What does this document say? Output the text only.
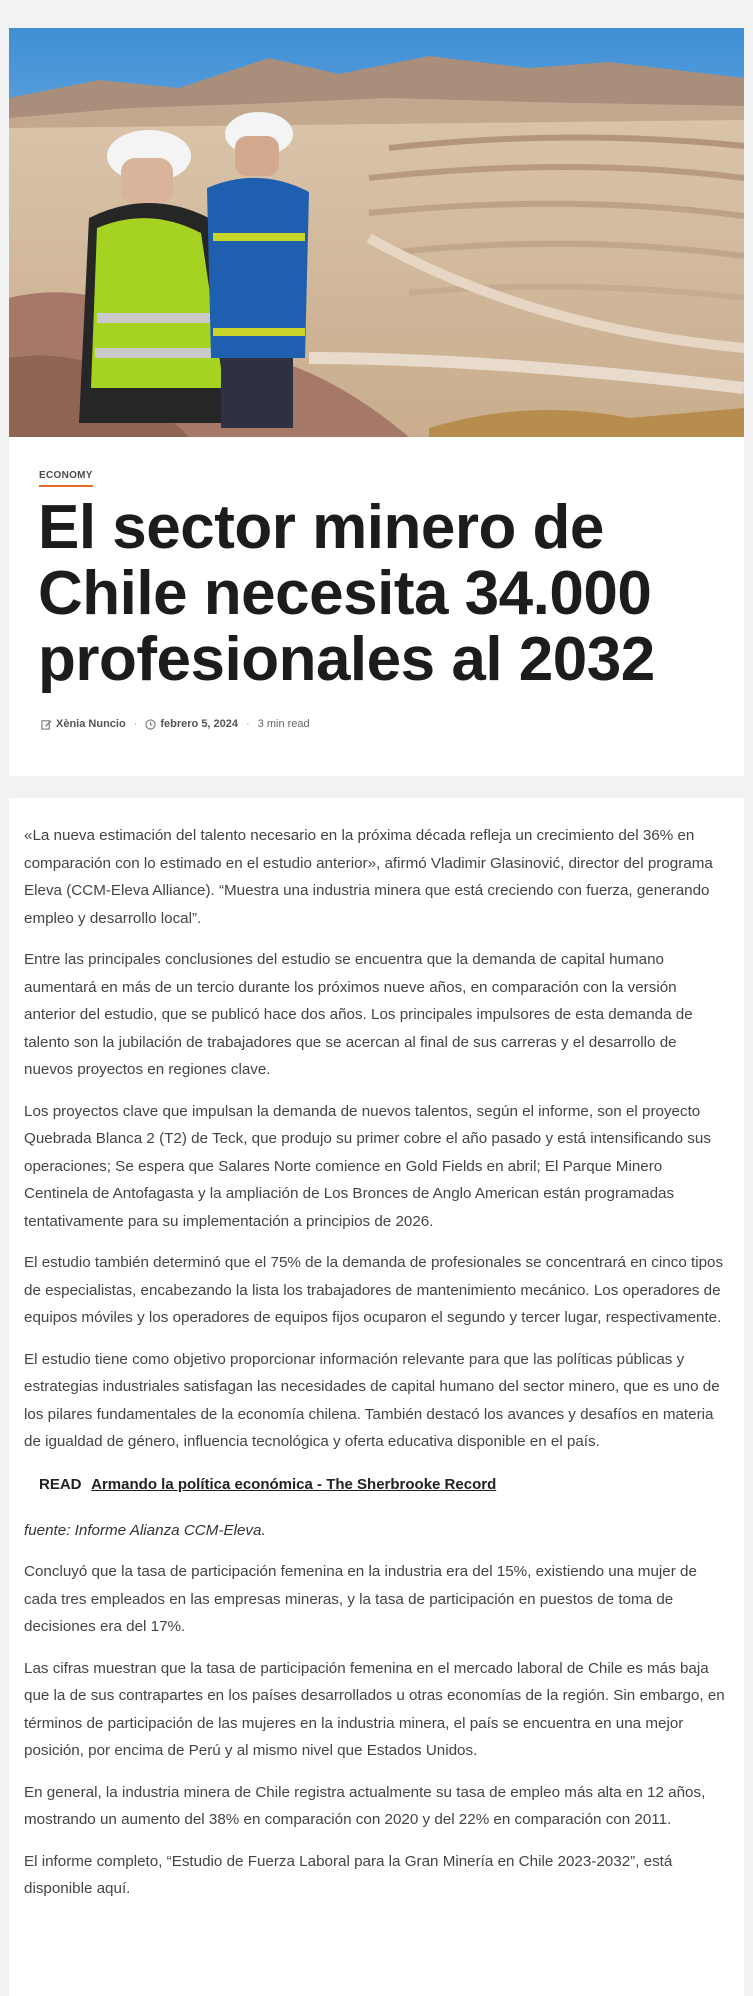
ECONOMY
El sector minero de Chile necesita 34.000 profesionales al 2032
Xènia Nuncio · febrero 5, 2024 · 3 min read

«La nueva estimación del talento necesario en la próxima década refleja un crecimiento del 36% en comparación con lo estimado en el estudio anterior», afirmó Vladimir Glasinović, director del programa Eleva (CCM-Eleva Alliance). “Muestra una industria minera que está creciendo con fuerza, generando empleo y desarrollo local”.

Entre las principales conclusiones del estudio se encuentra que la demanda de capital humano aumentará en más de un tercio durante los próximos nueve años, en comparación con la versión anterior del estudio, que se publicó hace dos años. Los principales impulsores de esta demanda de talento son la jubilación de trabajadores que se acercan al final de sus carreras y el desarrollo de nuevos proyectos en regiones clave.

Los proyectos clave que impulsan la demanda de nuevos talentos, según el informe, son el proyecto Quebrada Blanca 2 (T2) de Teck, que produjo su primer cobre el año pasado y está intensificando sus operaciones; Se espera que Salares Norte comience en Gold Fields en abril; El Parque Minero Centinela de Antofagasta y la ampliación de Los Bronces de Anglo American están programadas tentativamente para su implementación a principios de 2026.

El estudio también determinó que el 75% de la demanda de profesionales se concentrará en cinco tipos de especialistas, encabezando la lista los trabajadores de mantenimiento mecánico. Los operadores de equipos móviles y los operadores de equipos fijos ocuparon el segundo y tercer lugar, respectivamente.

El estudio tiene como objetivo proporcionar información relevante para que las políticas públicas y estrategias industriales satisfagan las necesidades de capital humano del sector minero, que es uno de los pilares fundamentales de la economía chilena. También destacó los avances y desafíos en materia de igualdad de género, influencia tecnológica y oferta educativa disponible en el país.

READ Armando la política económica - The Sherbrooke Record

fuente: Informe Alianza CCM-Eleva.

Concluyó que la tasa de participación femenina en la industria era del 15%, existiendo una mujer de cada tres empleados en las empresas mineras, y la tasa de participación en puestos de toma de decisiones era del 17%.

Las cifras muestran que la tasa de participación femenina en el mercado laboral de Chile es más baja que la de sus contrapartes en los países desarrollados u otras economías de la región. Sin embargo, en términos de participación de las mujeres en la industria minera, el país se encuentra en una mejor posición, por encima de Perú y al mismo nivel que Estados Unidos.

En general, la industria minera de Chile registra actualmente su tasa de empleo más alta en 12 años, mostrando un aumento del 38% en comparación con 2020 y del 22% en comparación con 2011.

El informe completo, “Estudio de Fuerza Laboral para la Gran Minería en Chile 2023-2032”, está disponible aquí.
